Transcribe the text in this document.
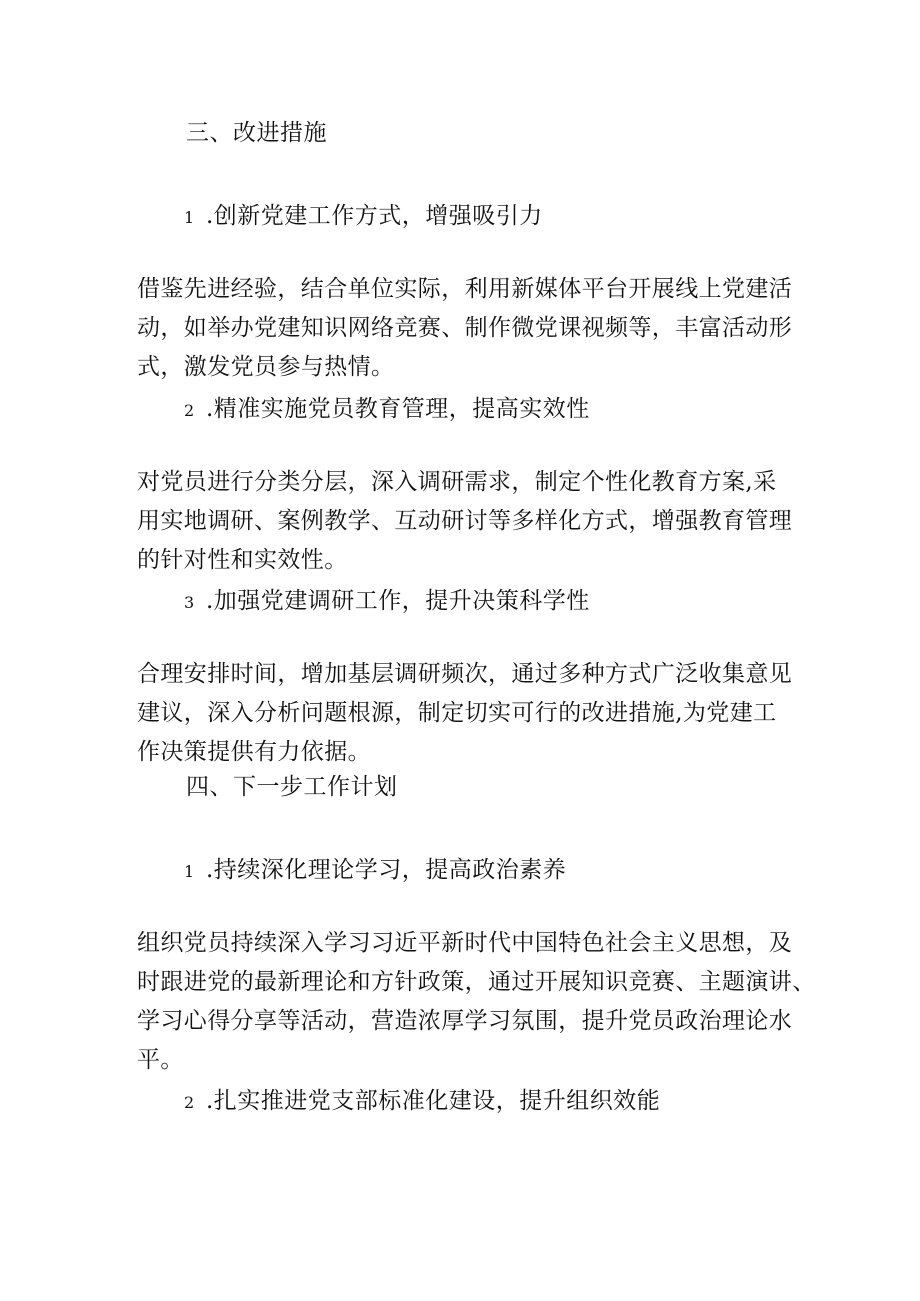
三、改进措施
1 .创新党建工作方式，增强吸引力
借鉴先进经验，结合单位实际，利用新媒体平台开展线上党建活
动，如举办党建知识网络竞赛、制作微党课视频等，丰富活动形
式，激发党员参与热情。
2 .精准实施党员教育管理，提高实效性
对党员进行分类分层，深入调研需求，制定个性化教育方案,采
用实地调研、案例教学、互动研讨等多样化方式，增强教育管理
的针对性和实效性。
3 .加强党建调研工作，提升决策科学性
合理安排时间，增加基层调研频次，通过多种方式广泛收集意见
建议，深入分析问题根源，制定切实可行的改进措施,为党建工
作决策提供有力依据。
四、下一步工作计划
1 .持续深化理论学习，提高政治素养
组织党员持续深入学习习近平新时代中国特色社会主义思想，及
时跟进党的最新理论和方针政策，通过开展知识竞赛、主题演讲、
学习心得分享等活动，营造浓厚学习氛围，提升党员政治理论水
平。
2 .扎实推进党支部标准化建设，提升组织效能
